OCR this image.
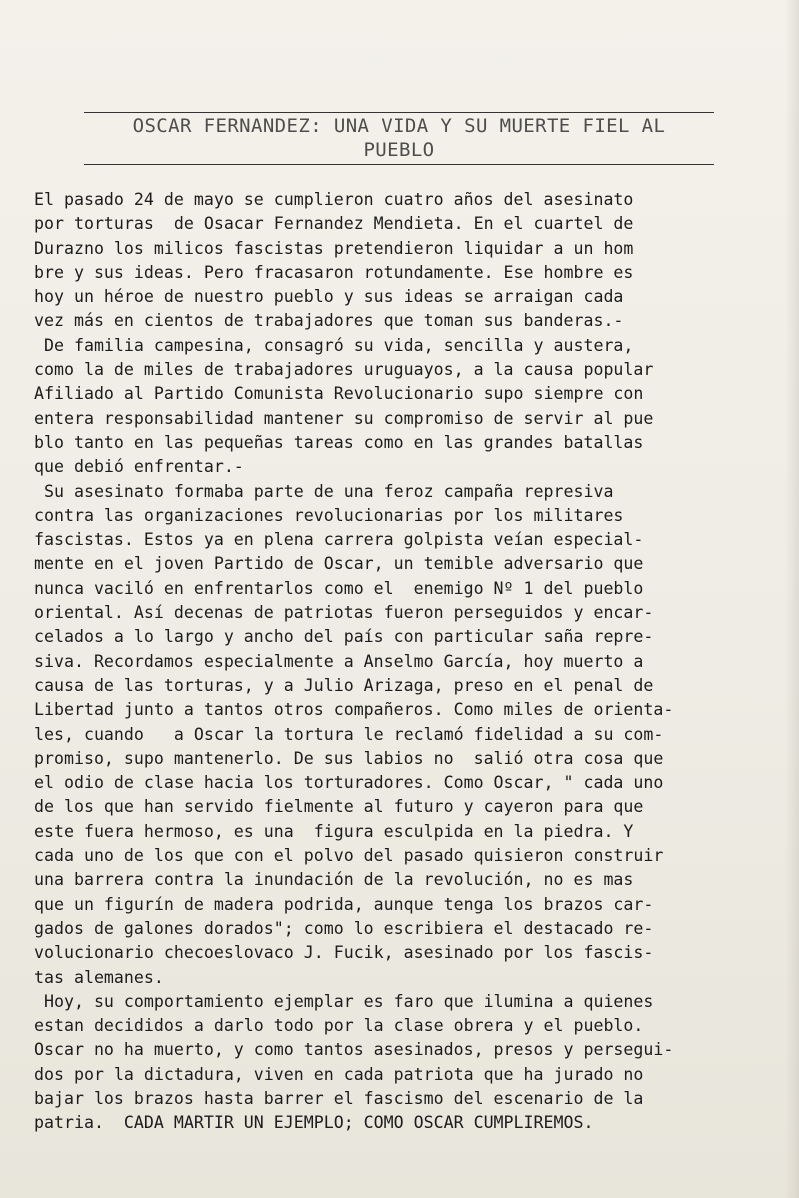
OSCAR FERNANDEZ: UNA VIDA Y SU MUERTE FIEL AL
PUEBLO
El pasado 24 de mayo se cumplieron cuatro años del asesinato
por torturas  de Osacar Fernandez Mendieta. En el cuartel de
Durazno los milicos fascistas pretendieron liquidar a un hom
bre y sus ideas. Pero fracasaron rotundamente. Ese hombre es
hoy un héroe de nuestro pueblo y sus ideas se arraigan cada
vez más en cientos de trabajadores que toman sus banderas.-
De familia campesina, consagró su vida, sencilla y austera,
como la de miles de trabajadores uruguayos, a la causa popular
Afiliado al Partido Comunista Revolucionario supo siempre con
entera responsabilidad mantener su compromiso de servir al pue
blo tanto en las pequeñas tareas como en las grandes batallas
que debió enfrentar.-
Su asesinato formaba parte de una feroz campaña represiva
contra las organizaciones revolucionarias por los militares
fascistas. Estos ya en plena carrera golpista veían especial-
mente en el joven Partido de Oscar, un temible adversario que
nunca vaciló en enfrentarlos como el  enemigo Nº 1 del pueblo
oriental. Así decenas de patriotas fueron perseguidos y encar-
celados a lo largo y ancho del país con particular saña repre-
siva. Recordamos especialmente a Anselmo García, hoy muerto a
causa de las torturas, y a Julio Arizaga, preso en el penal de
Libertad junto a tantos otros compañeros. Como miles de orienta-
les, cuando   a Oscar la tortura le reclamó fidelidad a su com-
promiso, supo mantenerlo. De sus labios no  salió otra cosa que
el odio de clase hacia los torturadores. Como Oscar, " cada uno
de los que han servido fielmente al futuro y cayeron para que
este fuera hermoso, es una  figura esculpida en la piedra. Y
cada uno de los que con el polvo del pasado quisieron construir
una barrera contra la inundación de la revolución, no es mas
que un figurín de madera podrida, aunque tenga los brazos car-
gados de galones dorados"; como lo escribiera el destacado re-
volucionario checoeslovaco J. Fucik, asesinado por los fascis-
tas alemanes.
Hoy, su comportamiento ejemplar es faro que ilumina a quienes
estan decididos a darlo todo por la clase obrera y el pueblo.
Oscar no ha muerto, y como tantos asesinados, presos y persegui-
dos por la dictadura, viven en cada patriota que ha jurado no
bajar los brazos hasta barrer el fascismo del escenario de la
patria.  CADA MARTIR UN EJEMPLO; COMO OSCAR CUMPLIREMOS.
